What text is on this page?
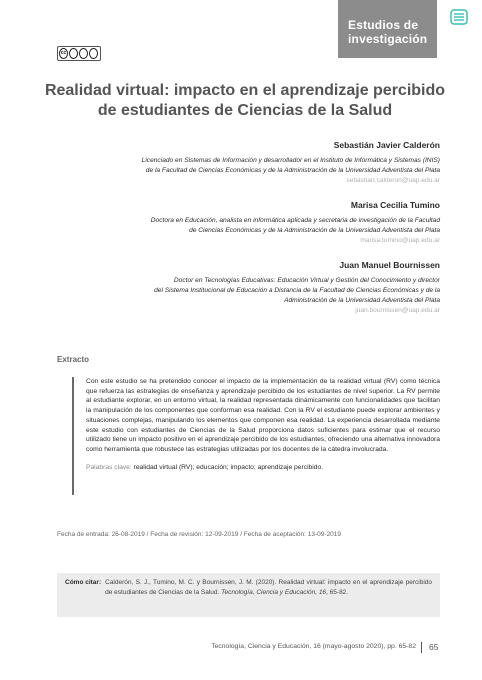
Estudios de investigación
cc
Realidad virtual: impacto en el aprendizaje percibido de estudiantes de Ciencias de la Salud
Sebastián Javier Calderón
Licenciado en Sistemas de Información y desarrollador en el Instituto de Informática y Sistemas (INIS)
de la Facultad de Ciencias Económicas y de la Administración de la Universidad Adventista del Plata
sebastian.calderon@uap.edu.ar
Marisa Cecilia Tumino
Doctora en Educación, analista en informática aplicada y secretaria de investigación de la Facultad
de Ciencias Económicas y de la Administración de la Universidad Adventista del Plata
marisa.tumino@uap.edu.ar
Juan Manuel Bournissen
Doctor en Tecnologías Educativas: Educación Virtual y Gestión del Conocimiento y director
del Sistema Institucional de Educación a Distancia de la Facultad de Ciencias Económicas y de la
Administración de la Universidad Adventista del Plata
juan.bournissen@uap.edu.ar
Extracto
Con este estudio se ha pretendido conocer el impacto de la implementación de la realidad virtual (RV) como técnica que refuerza las estrategias de enseñanza y aprendizaje percibido de los estudiantes de nivel superior. La RV permite al estudiante explorar, en un entorno virtual, la realidad representada dinámicamente con funcionalidades que facilitan la manipulación de los componentes que conforman esa realidad. Con la RV el estudiante puede explorar ambientes y situaciones complejas, manipulando los elementos que componen esa realidad. La experiencia desarrollada mediante este estudio con estudiantes de Ciencias de la Salud proporciona datos suficientes para estimar que el recurso utilizado tiene un impacto positivo en el aprendizaje percibido de los estudiantes, ofreciendo una alternativa innovadora como herramienta que robustece las estrategias utilizadas por los docentes de la cátedra involucrada.
Palabras clave: realidad virtual (RV); educación; impacto; aprendizaje percibido.
Fecha de entrada: 26-08-2019 / Fecha de revisión: 12-09-2019 / Fecha de aceptación: 13-09-2019
Cómo citar: Calderón, S. J., Tumino, M. C. y Bournissen, J. M. (2020). Realidad virtual: impacto en el aprendizaje percibido de estudiantes de Ciencias de la Salud. Tecnología, Ciencia y Educación, 16, 65-82.
Tecnología, Ciencia y Educación, 16 (mayo-agosto 2020), pp. 65-82 65
